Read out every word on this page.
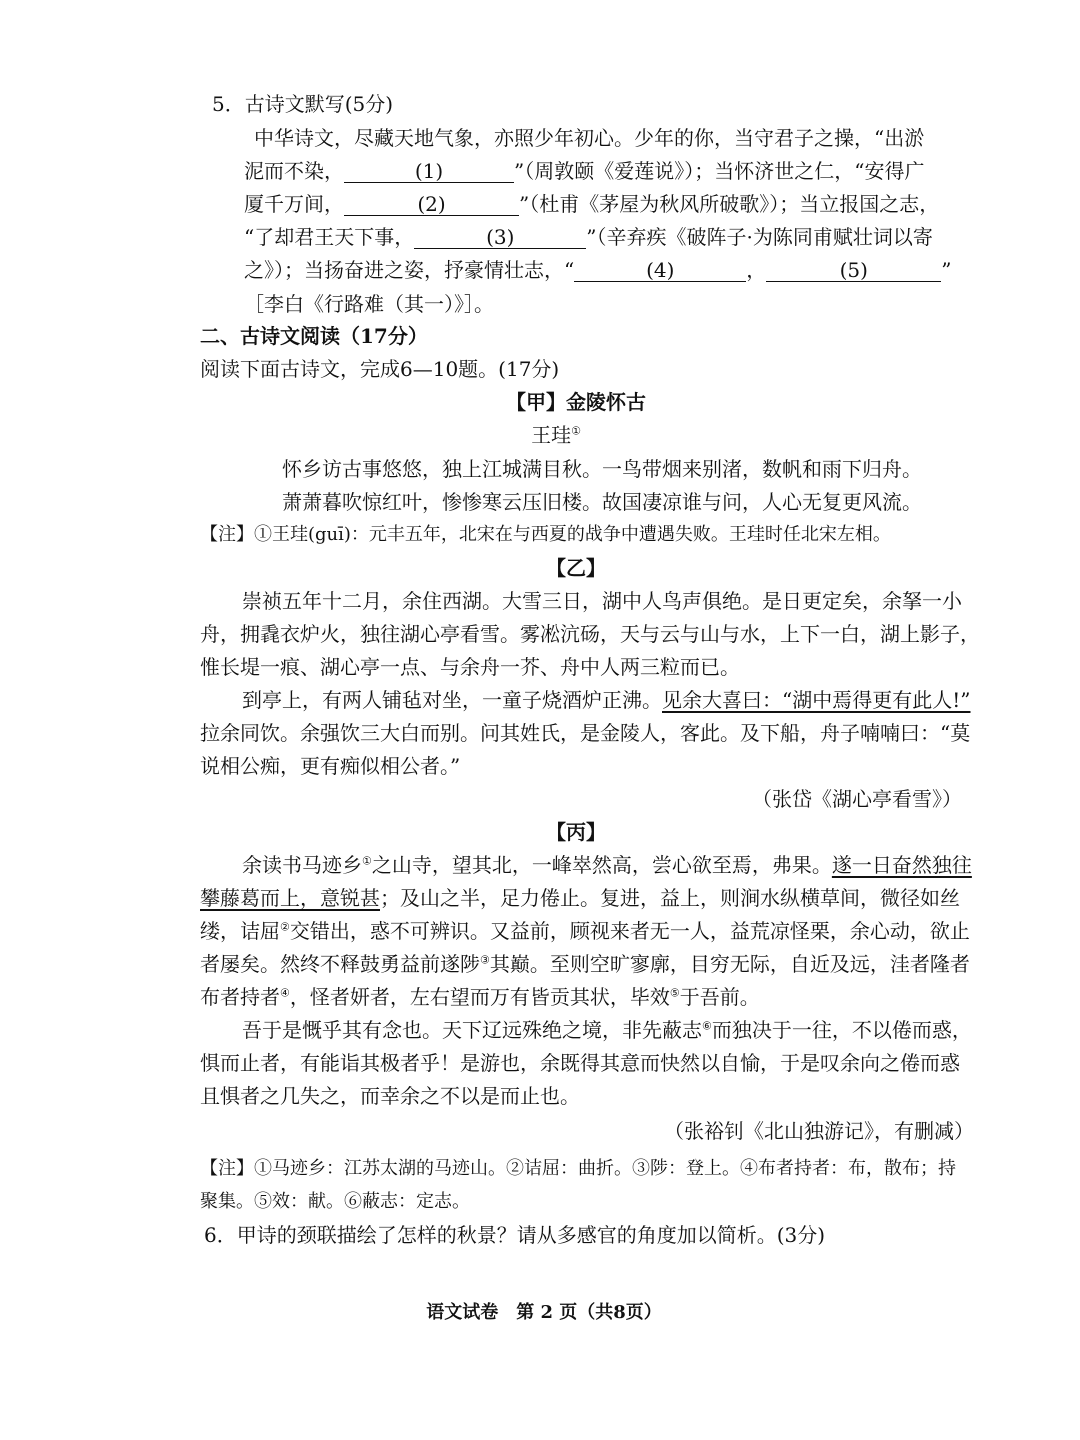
5．古诗文默写(5分)
中华诗文，尽藏天地气象，亦照少年初心。少年的你，当守君子之操，“出淤
泥而不染，	(1)	”（周敦颐《爱莲说》）；当怀济世之仁，“安得广
厦千万间，	(2)	”（杜甫《茅屋为秋风所破歌》）；当立报国之志，
“了却君王天下事，	(3)	”（辛弃疾《破阵子·为陈同甫赋壮词以寄
之》）；当扬奋进之姿，抒豪情壮志，“	(4)	，	(5)	”
［李白《行路难（其一）》］。
二、古诗文阅读（17分）
阅读下面古诗文，完成6—10题。(17分)
【甲】金陵怀古
王珪①
怀乡访古事悠悠，独上江城满目秋。一鸟带烟来别渚，数帆和雨下归舟。
萧萧暮吹惊红叶，惨惨寒云压旧楼。故国凄凉谁与问，人心无复更风流。
【注】①王珪(guī)：元丰五年，北宋在与西夏的战争中遭遇失败。王珪时任北宋左相。
【乙】
崇祯五年十二月，余住西湖。大雪三日，湖中人鸟声俱绝。是日更定矣，余拏一小
舟，拥毳衣炉火，独往湖心亭看雪。雾凇沆砀，天与云与山与水，上下一白，湖上影子，
惟长堤一痕、湖心亭一点、与余舟一芥、舟中人两三粒而已。
到亭上，有两人铺毡对坐，一童子烧酒炉正沸。见余大喜曰：“湖中焉得更有此人!”
拉余同饮。余强饮三大白而别。问其姓氏，是金陵人，客此。及下船，舟子喃喃曰：“莫
说相公痴，更有痴似相公者。”
（张岱《湖心亭看雪》）
【丙】
余读书马迹乡①之山寺，望其北，一峰崒然高，尝心欲至焉，弗果。遂一日奋然独往
攀藤葛而上，意锐甚；及山之半，足力倦止。复进，益上，则涧水纵横草间，微径如丝
缕，诘屈②交错出，惑不可辨识。又益前，顾视来者无一人，益荒凉怪栗，余心动，欲止
者屡矣。然终不释鼓勇益前遂陟③其巅。至则空旷寥廓，目穷无际，自近及远，洼者隆者
布者持者④，怪者妍者，左右望而万有皆贡其状，毕效⑤于吾前。
吾于是慨乎其有念也。天下辽远殊绝之境，非先蔽志⑥而独决于一往，不以倦而惑，
惧而止者，有能诣其极者乎！是游也，余既得其意而快然以自愉，于是叹余向之倦而惑
且惧者之几失之，而幸余之不以是而止也。
（张裕钊《北山独游记》，有删减）
【注】①马迹乡：江苏太湖的马迹山。②诘屈：曲折。③陟：登上。④布者持者：布，散布；持
聚集。⑤效：献。⑥蔽志：定志。
6．甲诗的颈联描绘了怎样的秋景？请从多感官的角度加以简析。(3分)
语文试卷　第 2 页（共8页）
